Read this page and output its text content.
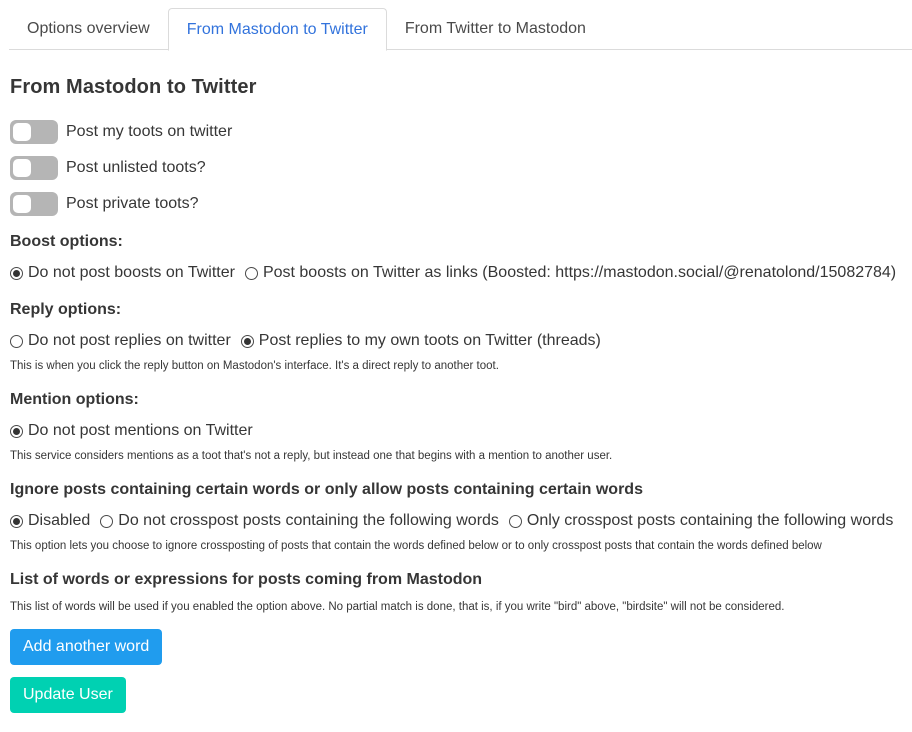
Options overview	From Mastodon to Twitter	From Twitter to Mastodon
From Mastodon to Twitter
Post my toots on twitter
Post unlisted toots?
Post private toots?
Boost options:
Do not post boosts on Twitter Post boosts on Twitter as links (Boosted: https://mastodon.social/@renatolond/15082784)
Reply options:
Do not post replies on twitter Post replies to my own toots on Twitter (threads)
This is when you click the reply button on Mastodon's interface. It's a direct reply to another toot.
Mention options:
Do not post mentions on Twitter
This service considers mentions as a toot that's not a reply, but instead one that begins with a mention to another user.
Ignore posts containing certain words or only allow posts containing certain words
Disabled Do not crosspost posts containing the following words Only crosspost posts containing the following words
This option lets you choose to ignore crossposting of posts that contain the words defined below or to only crosspost posts that contain the words defined below
List of words or expressions for posts coming from Mastodon
This list of words will be used if you enabled the option above. No partial match is done, that is, if you write "bird" above, "birdsite" will not be considered.
Add another word
Update User
